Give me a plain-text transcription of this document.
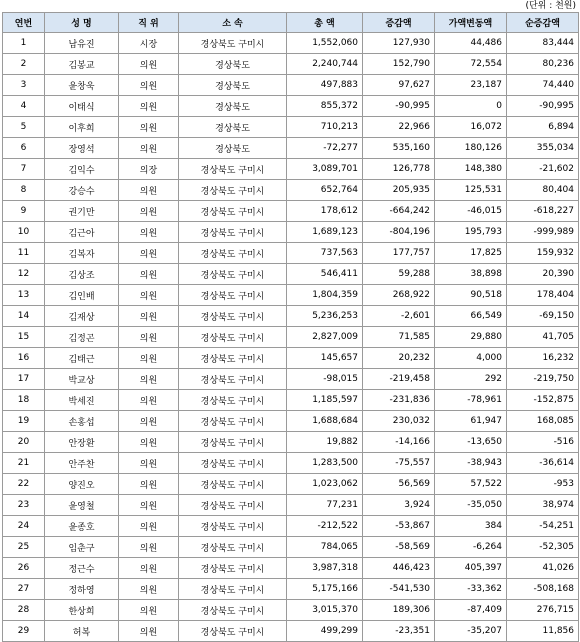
(단위 : 천원)
연번	성 명	직 위	소 속	총 액	증감액	가액변동액	순증감액
1	남유진	시장	경상북도 구미시	1,552,060	127,930	44,486	83,444
2	김봉교	의원	경상북도	2,240,744	152,790	72,554	80,236
3	윤창욱	의원	경상북도	497,883	97,627	23,187	74,440
4	이태식	의원	경상북도	855,372	-90,995	0	-90,995
5	이후희	의원	경상북도	710,213	22,966	16,072	6,894
6	장영석	의원	경상북도	-72,277	535,160	180,126	355,034
7	김익수	의장	경상북도 구미시	3,089,701	126,778	148,380	-21,602
8	강승수	의원	경상북도 구미시	652,764	205,935	125,531	80,404
9	권기만	의원	경상북도 구미시	178,612	-664,242	-46,015	-618,227
10	김근아	의원	경상북도 구미시	1,689,123	-804,196	195,793	-999,989
11	김복자	의원	경상북도 구미시	737,563	177,757	17,825	159,932
12	김상조	의원	경상북도 구미시	546,411	59,288	38,898	20,390
13	김인배	의원	경상북도 구미시	1,804,359	268,922	90,518	178,404
14	김재상	의원	경상북도 구미시	5,236,253	-2,601	66,549	-69,150
15	김정곤	의원	경상북도 구미시	2,827,009	71,585	29,880	41,705
16	김태근	의원	경상북도 구미시	145,657	20,232	4,000	16,232
17	박교상	의원	경상북도 구미시	-98,015	-219,458	292	-219,750
18	박세진	의원	경상북도 구미시	1,185,597	-231,836	-78,961	-152,875
19	손홍섭	의원	경상북도 구미시	1,688,684	230,032	61,947	168,085
20	안장환	의원	경상북도 구미시	19,882	-14,166	-13,650	-516
21	안주찬	의원	경상북도 구미시	1,283,500	-75,557	-38,943	-36,614
22	양진오	의원	경상북도 구미시	1,023,062	56,569	57,522	-953
23	윤영철	의원	경상북도 구미시	77,231	3,924	-35,050	38,974
24	윤종호	의원	경상북도 구미시	-212,522	-53,867	384	-54,251
25	임춘구	의원	경상북도 구미시	784,065	-58,569	-6,264	-52,305
26	정근수	의원	경상북도 구미시	3,987,318	446,423	405,397	41,026
27	정하영	의원	경상북도 구미시	5,175,166	-541,530	-33,362	-508,168
28	한상희	의원	경상북도 구미시	3,015,370	189,306	-87,409	276,715
29	허복	의원	경상북도 구미시	499,299	-23,351	-35,207	11,856
